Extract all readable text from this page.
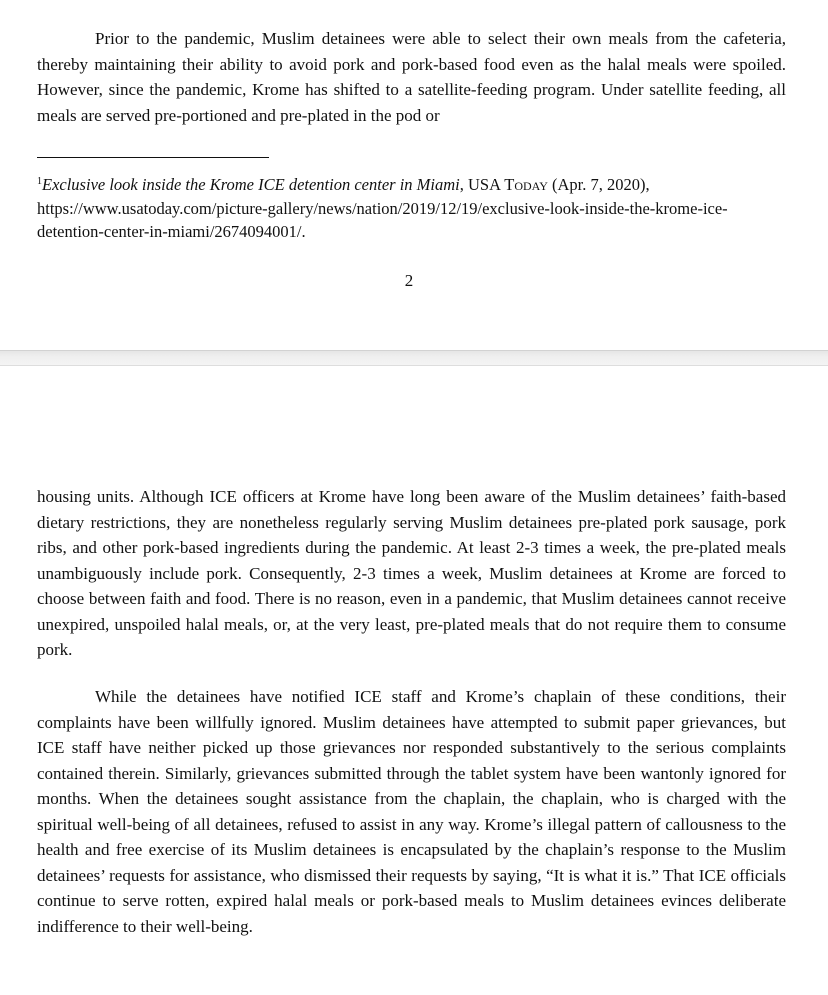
Prior to the pandemic, Muslim detainees were able to select their own meals from the cafeteria, thereby maintaining their ability to avoid pork and pork-based food even as the halal meals were spoiled. However, since the pandemic, Krome has shifted to a satellite-feeding program. Under satellite feeding, all meals are served pre-portioned and pre-plated in the pod or

$^1$Exclusive look inside the Krome ICE detention center in Miami, USA Today (Apr. 7, 2020), https://www.usatoday.com/picture-gallery/news/nation/2019/12/19/exclusive-look-inside-the-krome-ice-detention-center-in-miami/2674094001/.

2

housing units. Although ICE officers at Krome have long been aware of the Muslim detainees’ faith-based dietary restrictions, they are nonetheless regularly serving Muslim detainees pre-plated pork sausage, pork ribs, and other pork-based ingredients during the pandemic. At least 2-3 times a week, the pre-plated meals unambiguously include pork. Consequently, 2-3 times a week, Muslim detainees at Krome are forced to choose between faith and food. There is no reason, even in a pandemic, that Muslim detainees cannot receive unexpired, unspoiled halal meals, or, at the very least, pre-plated meals that do not require them to consume pork.

While the detainees have notified ICE staff and Krome’s chaplain of these conditions, their complaints have been willfully ignored. Muslim detainees have attempted to submit paper grievances, but ICE staff have neither picked up those grievances nor responded substantively to the serious complaints contained therein. Similarly, grievances submitted through the tablet system have been wantonly ignored for months. When the detainees sought assistance from the chaplain, the chaplain, who is charged with the spiritual well-being of all detainees, refused to assist in any way. Krome’s illegal pattern of callousness to the health and free exercise of its Muslim detainees is encapsulated by the chaplain’s response to the Muslim detainees’ requests for assistance, who dismissed their requests by saying, “It is what it is.” That ICE officials continue to serve rotten, expired halal meals or pork-based meals to Muslim detainees evinces deliberate indifference to their well-being.
